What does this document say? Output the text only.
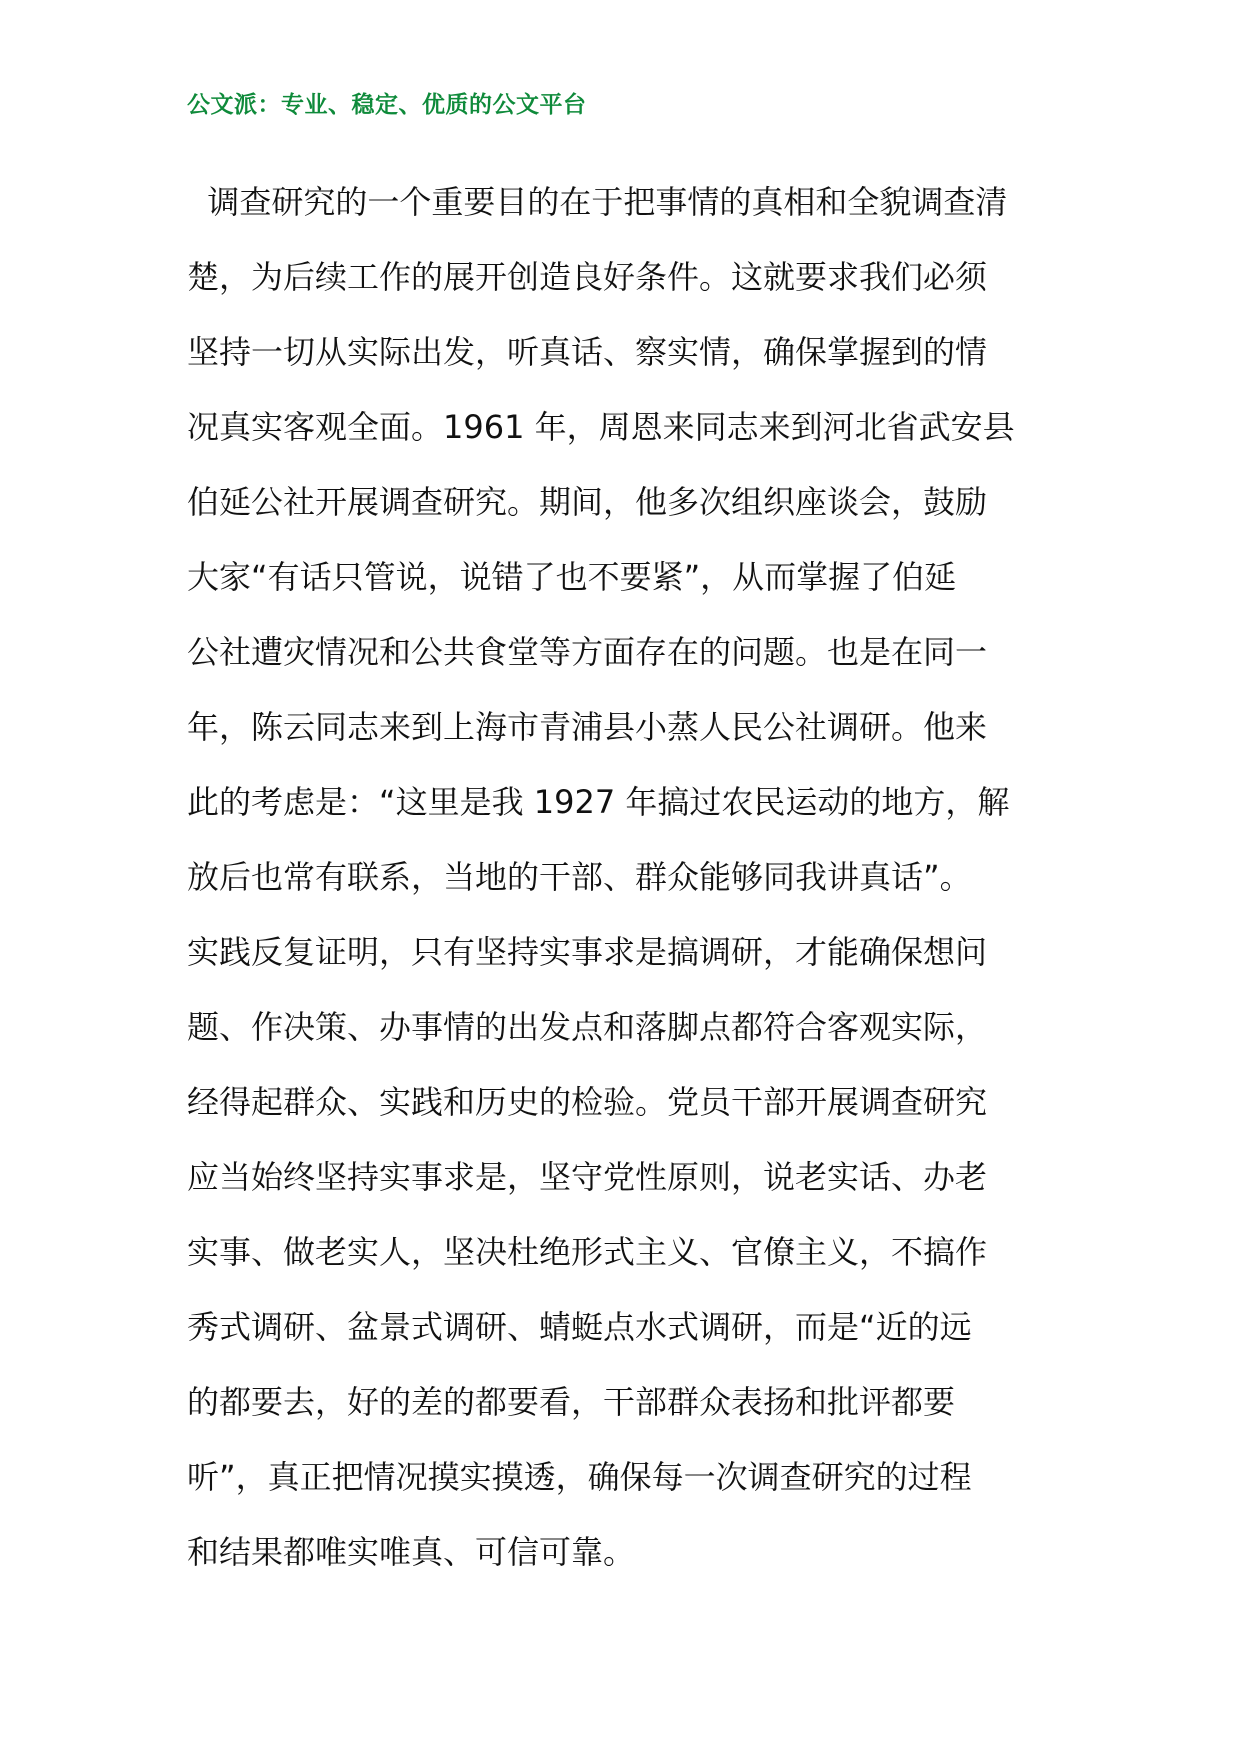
公文派：专业、稳定、优质的公文平台
调查研究的一个重要目的在于把事情的真相和全貌调查清
楚，为后续工作的展开创造良好条件。这就要求我们必须
坚持一切从实际出发，听真话、察实情，确保掌握到的情
况真实客观全面。1961 年，周恩来同志来到河北省武安县
伯延公社开展调查研究。期间，他多次组织座谈会，鼓励
大家“有话只管说，说错了也不要紧”，从而掌握了伯延
公社遭灾情况和公共食堂等方面存在的问题。也是在同一
年，陈云同志来到上海市青浦县小蒸人民公社调研。他来
此的考虑是：“这里是我 1927 年搞过农民运动的地方，解
放后也常有联系，当地的干部、群众能够同我讲真话”。
实践反复证明，只有坚持实事求是搞调研，才能确保想问
题、作决策、办事情的出发点和落脚点都符合客观实际，
经得起群众、实践和历史的检验。党员干部开展调查研究
应当始终坚持实事求是，坚守党性原则，说老实话、办老
实事、做老实人，坚决杜绝形式主义、官僚主义，不搞作
秀式调研、盆景式调研、蜻蜓点水式调研，而是“近的远
的都要去，好的差的都要看，干部群众表扬和批评都要
听”，真正把情况摸实摸透，确保每一次调查研究的过程
和结果都唯实唯真、可信可靠。
